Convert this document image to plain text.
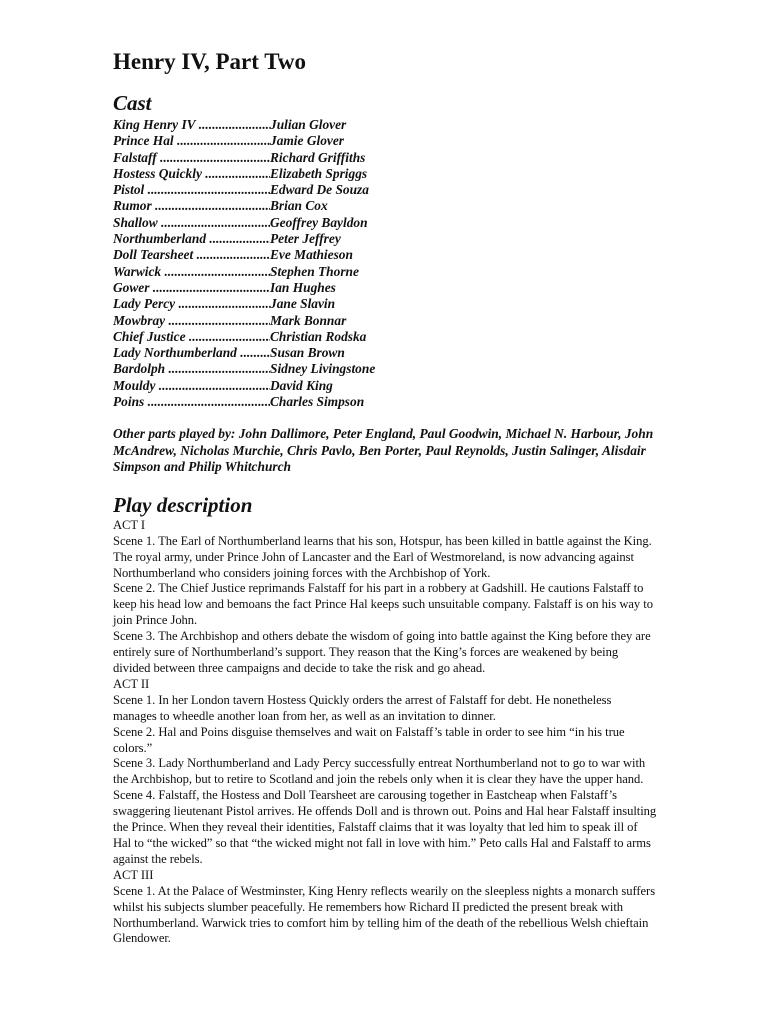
Henry IV, Part Two
Cast
King Henry IV .....	Julian Glover
Prince Hal .....	Jamie Glover
Falstaff .....	Richard Griffiths
Hostess Quickly .....	Elizabeth Spriggs
Pistol .....	Edward De Souza
Rumor .....	Brian Cox
Shallow .....	Geoffrey Bayldon
Northumberland .....	Peter Jeffrey
Doll Tearsheet .....	Eve Mathieson
Warwick .....	Stephen Thorne
Gower .....	Ian Hughes
Lady Percy .....	Jane Slavin
Mowbray .....	Mark Bonnar
Chief Justice .....	Christian Rodska
Lady Northumberland .....	Susan Brown
Bardolph .....	Sidney Livingstone
Mouldy .....	David King
Poins .....	Charles Simpson
Other parts played by: John Dallimore, Peter England, Paul Goodwin, Michael N. Harbour, John McAndrew, Nicholas Murchie, Chris Pavlo, Ben Porter, Paul Reynolds, Justin Salinger, Alisdair Simpson and Philip Whitchurch
Play description

ACT I

Scene 1. The Earl of Northumberland learns that his son, Hotspur, has been killed in battle against the King. The royal army, under Prince John of Lancaster and the Earl of Westmoreland, is now advancing against Northumberland who considers joining forces with the Archbishop of York.

Scene 2. The Chief Justice reprimands Falstaff for his part in a robbery at Gadshill. He cautions Falstaff to keep his head low and bemoans the fact Prince Hal keeps such unsuitable company. Falstaff is on his way to join Prince John.

Scene 3. The Archbishop and others debate the wisdom of going into battle against the King before they are entirely sure of Northumberland’s support. They reason that the King’s forces are weakened by being divided between three campaigns and decide to take the risk and go ahead.

ACT II

Scene 1. In her London tavern Hostess Quickly orders the arrest of Falstaff for debt. He nonetheless manages to wheedle another loan from her, as well as an invitation to dinner.

Scene 2. Hal and Poins disguise themselves and wait on Falstaff’s table in order to see him “in his true colors.”

Scene 3. Lady Northumberland and Lady Percy successfully entreat Northumberland not to go to war with the Archbishop, but to retire to Scotland and join the rebels only when it is clear they have the upper hand.

Scene 4. Falstaff, the Hostess and Doll Tearsheet are carousing together in Eastcheap when Falstaff’s swaggering lieutenant Pistol arrives. He offends Doll and is thrown out. Poins and Hal hear Falstaff insulting the Prince. When they reveal their identities, Falstaff claims that it was loyalty that led him to speak ill of Hal to “the wicked” so that “the wicked might not fall in love with him.” Peto calls Hal and Falstaff to arms against the rebels.

ACT III

Scene 1. At the Palace of Westminster, King Henry reflects wearily on the sleepless nights a monarch suffers whilst his subjects slumber peacefully. He remembers how Richard II predicted the present break with Northumberland. Warwick tries to comfort him by telling him of the death of the rebellious Welsh chieftain Glendower.
